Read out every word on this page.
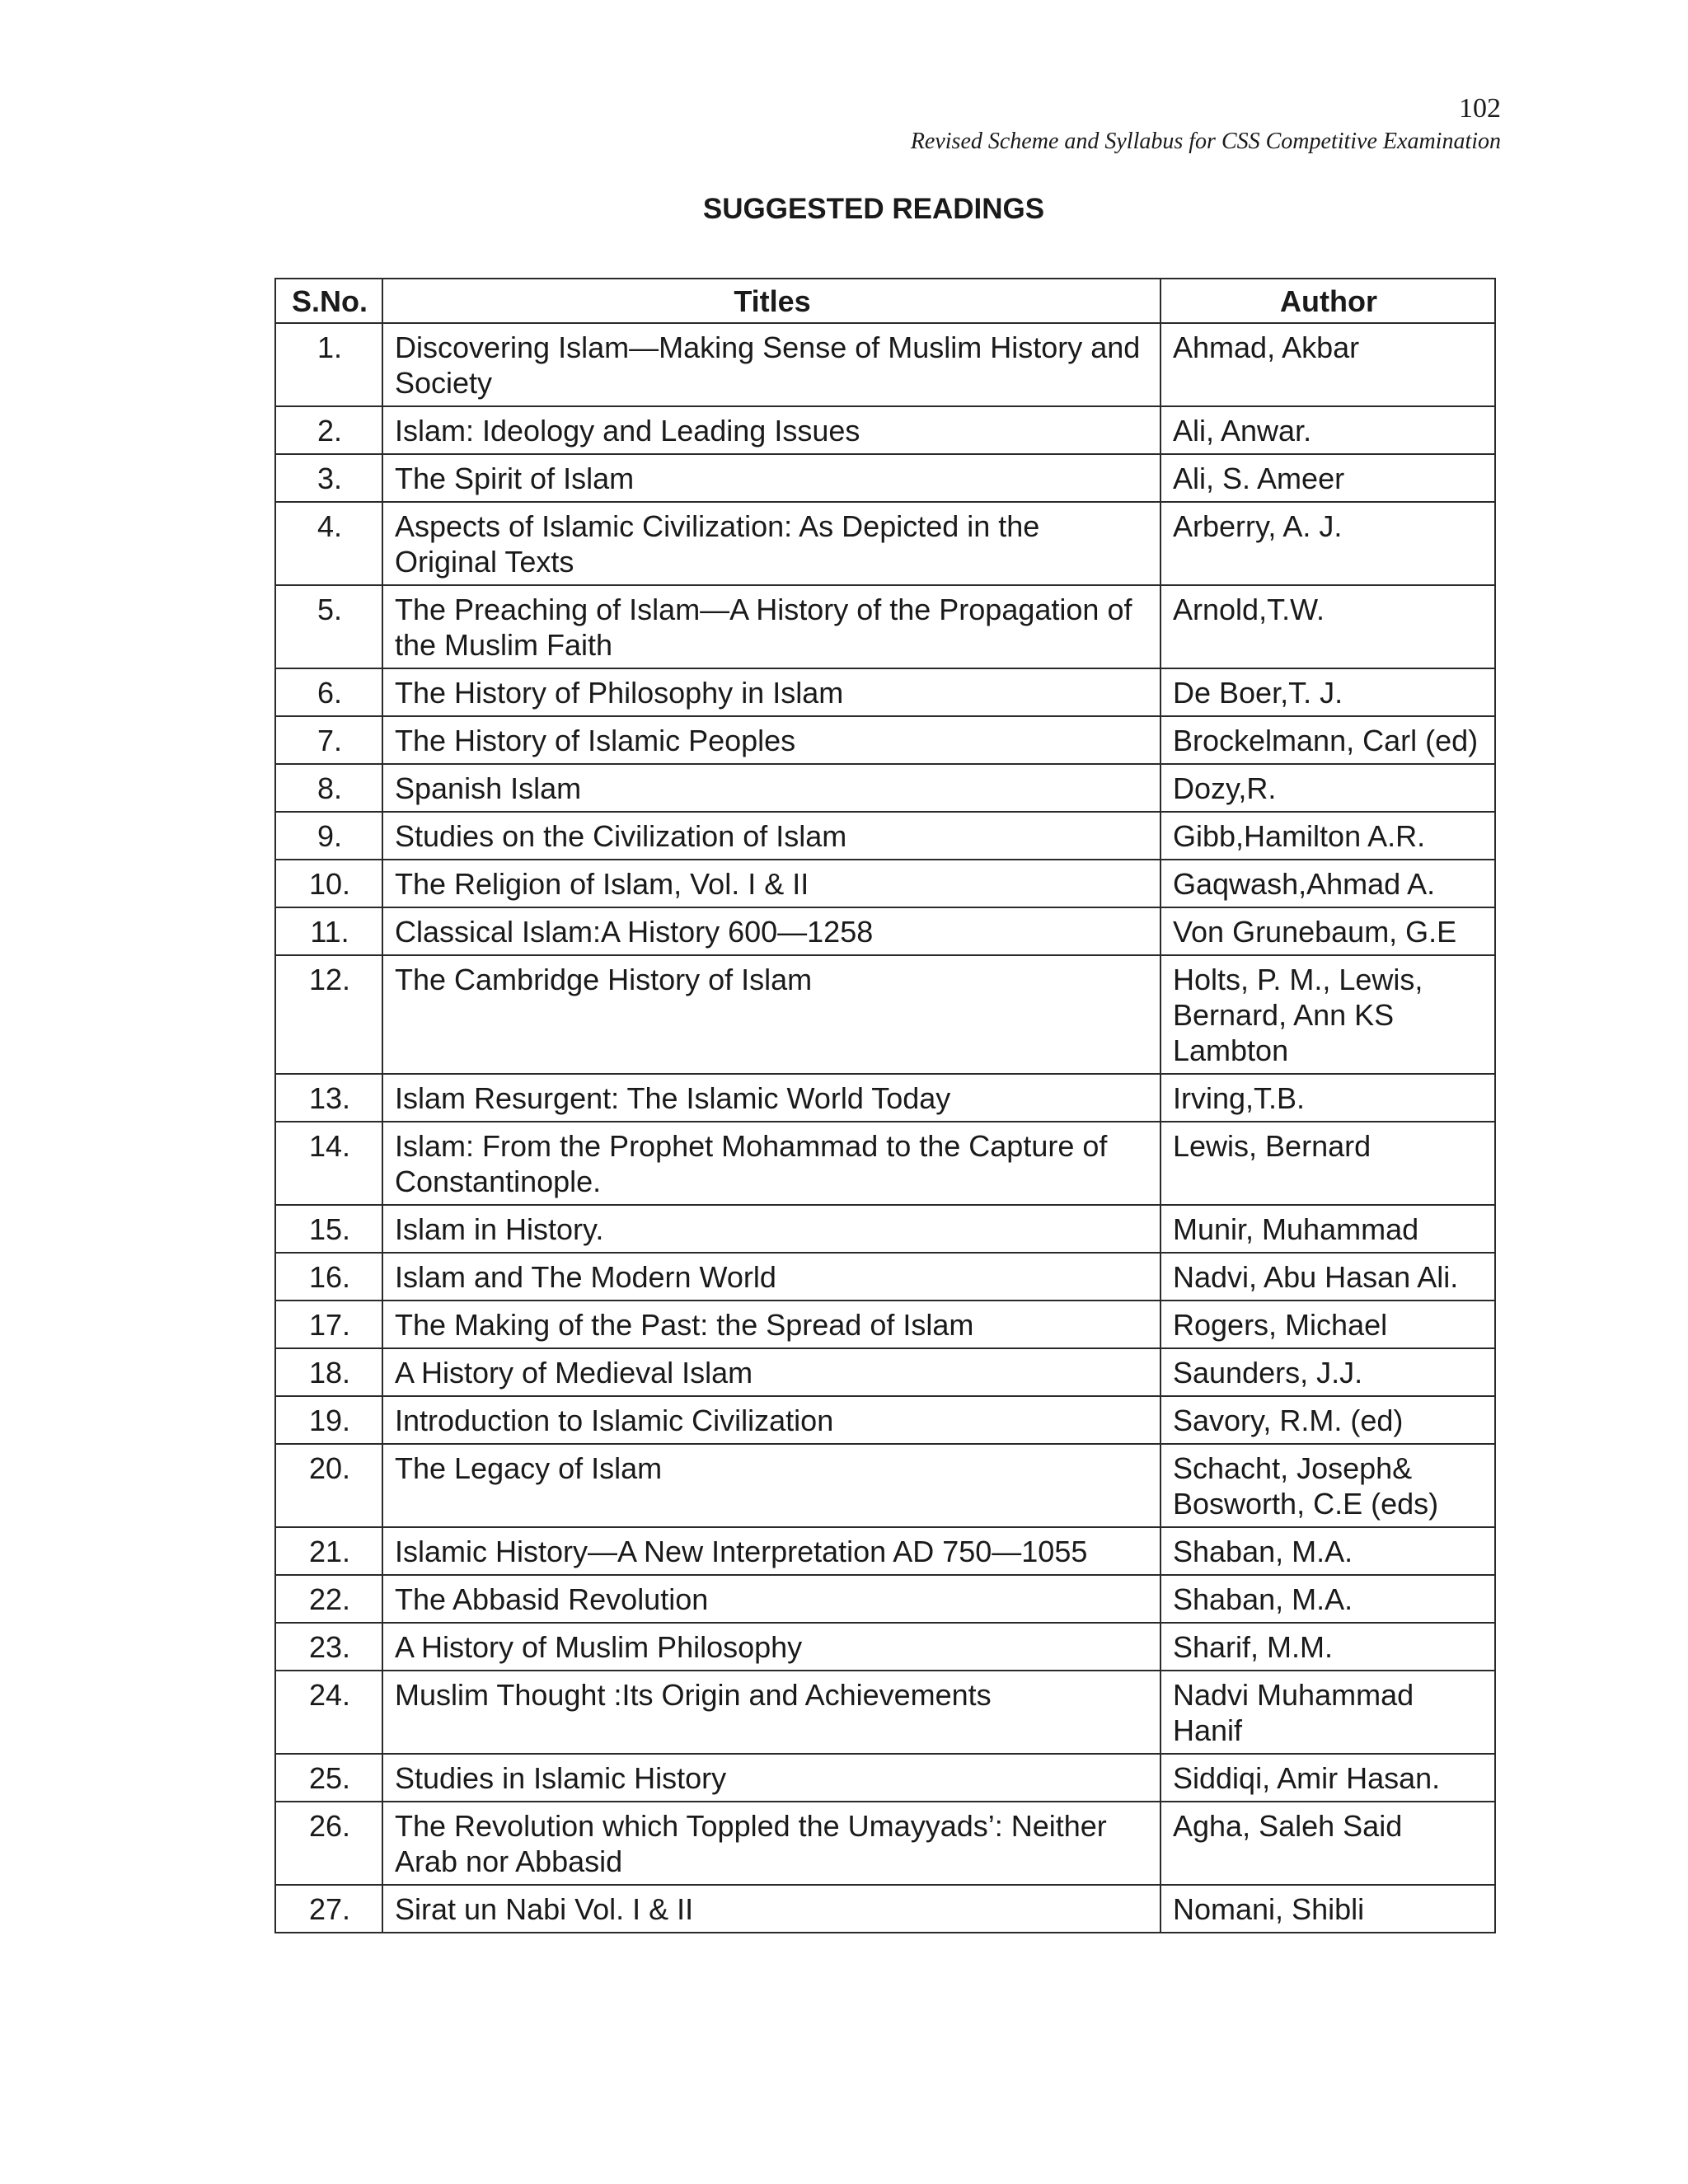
102
Revised Scheme and Syllabus for CSS Competitive Examination
SUGGESTED READINGS
S.No.	Titles	Author
1.	Discovering Islam—Making Sense of Muslim History and Society	Ahmad, Akbar
2.	Islam: Ideology and Leading Issues	Ali, Anwar.
3.	The Spirit of Islam	Ali, S. Ameer
4.	Aspects of Islamic Civilization: As Depicted in the Original Texts	Arberry, A. J.
5.	The Preaching of Islam—A History of the Propagation of the Muslim Faith	Arnold,T.W.
6.	The History of Philosophy in Islam	De Boer,T. J.
7.	The History of Islamic Peoples	Brockelmann, Carl (ed)
8.	Spanish Islam	Dozy,R.
9.	Studies on the Civilization of Islam	Gibb,Hamilton A.R.
10.	The Religion of Islam, Vol. I & II	Gaqwash,Ahmad A.
11.	Classical Islam:A History 600—1258	Von Grunebaum, G.E
12.	The Cambridge History of Islam	Holts, P. M., Lewis, Bernard, Ann KS Lambton
13.	Islam Resurgent: The Islamic World Today	Irving,T.B.
14.	Islam: From the Prophet Mohammad to the Capture of Constantinople.	Lewis, Bernard
15.	Islam in History.	Munir, Muhammad
16.	Islam and The Modern World	Nadvi, Abu Hasan Ali.
17.	The Making of the Past: the Spread of Islam	Rogers, Michael
18.	A History of Medieval Islam	Saunders, J.J.
19.	Introduction to Islamic Civilization	Savory, R.M. (ed)
20.	The Legacy of Islam	Schacht, Joseph& Bosworth, C.E (eds)
21.	Islamic History—A New Interpretation AD 750—1055	Shaban, M.A.
22.	The Abbasid Revolution	Shaban, M.A.
23.	A History of Muslim Philosophy	Sharif, M.M.
24.	Muslim Thought :Its Origin and Achievements	Nadvi Muhammad Hanif
25.	Studies in Islamic History	Siddiqi, Amir Hasan.
26.	The Revolution which Toppled the Umayyads’: Neither Arab nor Abbasid	Agha, Saleh Said
27.	Sirat un Nabi Vol. I & II	Nomani, Shibli
